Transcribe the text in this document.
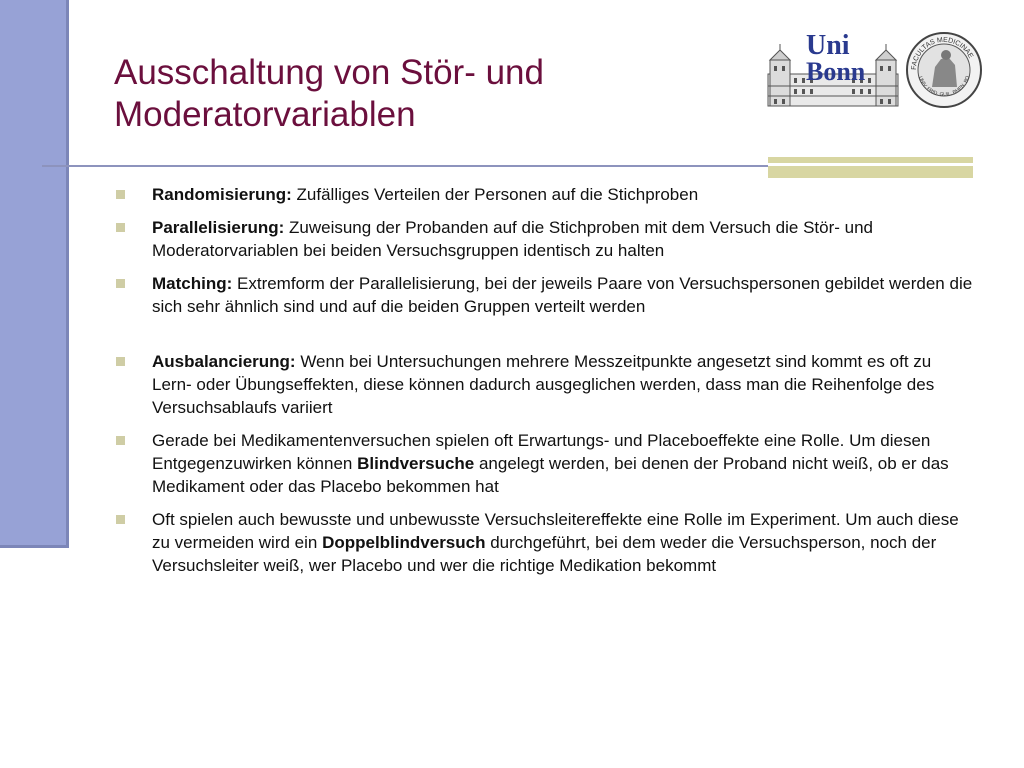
Ausschaltung von Stör- und
Moderatorvariablen
Uni
Bonn	FACULTAS MEDICINAE
UNIV. FRID. GUIL. RHEN. BO
Randomisierung: Zufälliges Verteilen der Personen auf die Stichproben
Parallelisierung: Zuweisung der Probanden auf die Stichproben mit dem Versuch die Stör- und Moderatorvariablen bei beiden Versuchsgruppen identisch zu halten
Matching: Extremform der Parallelisierung, bei der jeweils Paare von Versuchspersonen gebildet werden die sich sehr ähnlich sind und auf die beiden Gruppen verteilt werden
Ausbalancierung: Wenn bei Untersuchungen mehrere Messzeitpunkte angesetzt sind kommt es oft zu Lern- oder Übungseffekten, diese können dadurch ausgeglichen werden, dass man die Reihenfolge des Versuchsablaufs variiert
Gerade bei Medikamentenversuchen spielen oft Erwartungs- und Placeboeffekte eine Rolle. Um diesen Entgegenzuwirken können Blindversuche angelegt werden, bei denen der Proband nicht weiß, ob er das Medikament oder das Placebo bekommen hat
Oft spielen auch bewusste und unbewusste Versuchsleitereffekte eine Rolle im Experiment. Um auch diese zu vermeiden wird ein Doppelblindversuch durchgeführt, bei dem weder die Versuchsperson, noch der Versuchsleiter weiß, wer Placebo und wer die richtige Medikation bekommt
